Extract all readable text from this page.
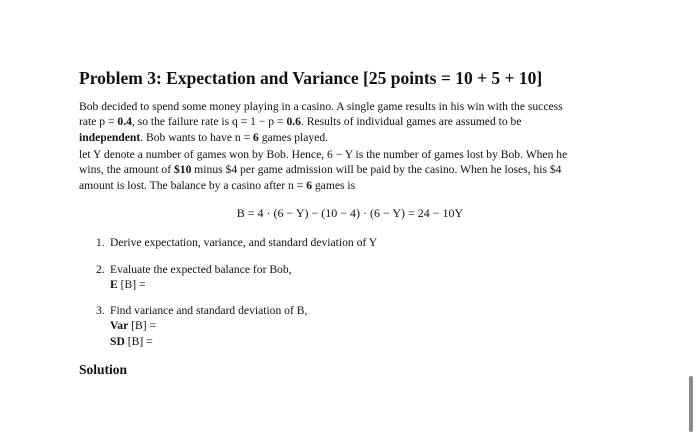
Problem 3: Expectation and Variance [25 points = 10 + 5 + 10]
Bob decided to spend some money playing in a casino. A single game results in his win with the success
rate p = 0.4, so the failure rate is q = 1 − p = 0.6. Results of individual games are assumed to be
independent. Bob wants to have n = 6 games played.
let Y denote a number of games won by Bob. Hence, 6 − Y is the number of games lost by Bob. When he
wins, the amount of $10 minus $4 per game admission will be paid by the casino. When he loses, his $4
amount is lost. The balance by a casino after n = 6 games is
B = 4 · (6 − Y) − (10 − 4) · (6 − Y) = 24 − 10Y
1. Derive expectation, variance, and standard deviation of Y
2. Evaluate the expected balance for Bob,
E [B] =
3. Find variance and standard deviation of B,
Var [B] =
SD [B] =
Solution
